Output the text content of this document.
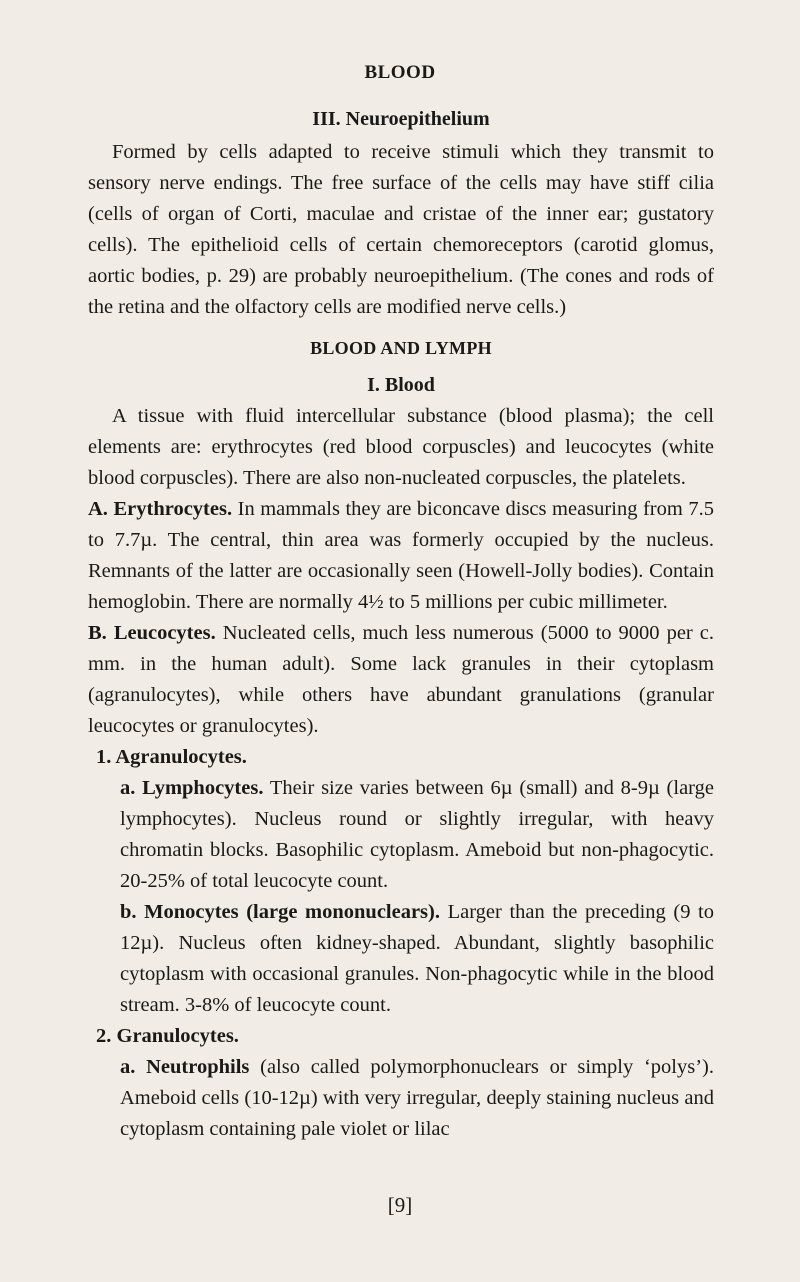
BLOOD
III. Neuroepithelium

Formed by cells adapted to receive stimuli which they transmit to sensory nerve endings. The free surface of the cells may have stiff cilia (cells of organ of Corti, maculae and cristae of the inner ear; gustatory cells). The epithelioid cells of certain chemoreceptors (carotid glomus, aortic bodies, p. 29) are probably neuroepithelium. (The cones and rods of the retina and the olfactory cells are modified nerve cells.)

BLOOD AND LYMPH
I. Blood

A tissue with fluid intercellular substance (blood plasma); the cell elements are: erythrocytes (red blood corpuscles) and leucocytes (white blood corpuscles). There are also non-nucleated corpuscles, the platelets.

A. Erythrocytes. In mammals they are biconcave discs measuring from 7.5 to 7.7µ. The central, thin area was formerly occupied by the nucleus. Remnants of the latter are occasionally seen (Howell-Jolly bodies). Contain hemoglobin. There are normally 4½ to 5 millions per cubic millimeter.

B. Leucocytes. Nucleated cells, much less numerous (5000 to 9000 per c. mm. in the human adult). Some lack granules in their cytoplasm (agranulocytes), while others have abundant granulations (granular leucocytes or granulocytes).

1. Agranulocytes.

a. Lymphocytes. Their size varies between 6µ (small) and 8-9µ (large lymphocytes). Nucleus round or slightly irregular, with heavy chromatin blocks. Basophilic cytoplasm. Ameboid but non-phagocytic. 20-25% of total leucocyte count.

b. Monocytes (large mononuclears). Larger than the preceding (9 to 12µ). Nucleus often kidney-shaped. Abundant, slightly basophilic cytoplasm with occasional granules. Non-phagocytic while in the blood stream. 3-8% of leucocyte count.

2. Granulocytes.

a. Neutrophils (also called polymorphonuclears or simply ‘polys’). Ameboid cells (10-12µ) with very irregular, deeply staining nucleus and cytoplasm containing pale violet or lilac

[9]
